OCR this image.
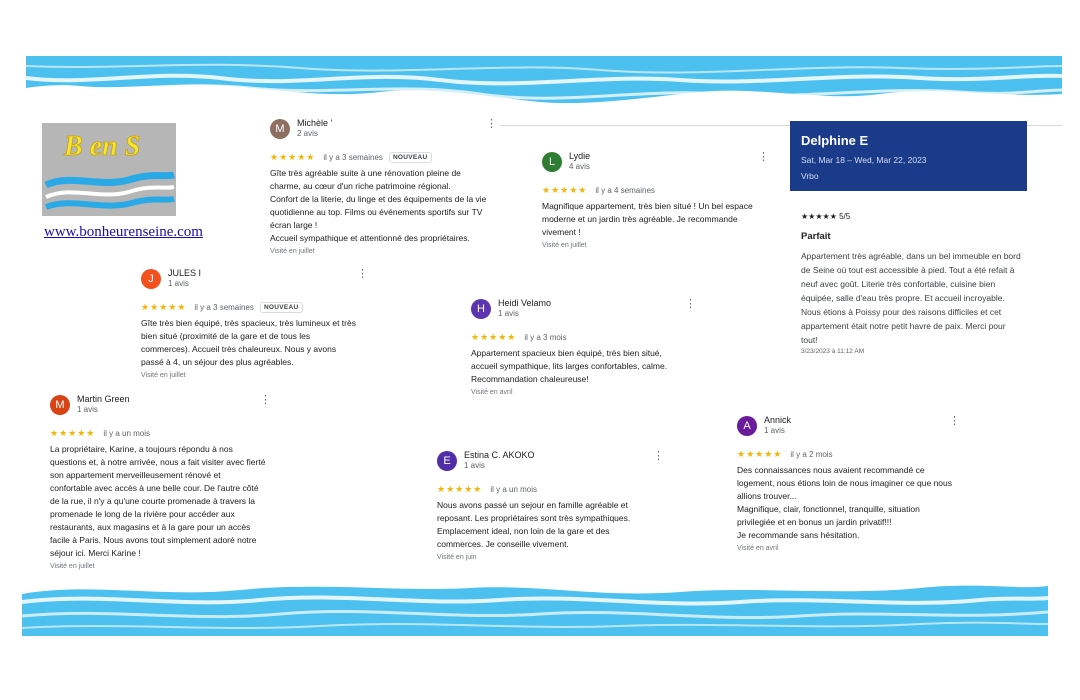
B en S
www.bonheurenseine.com
M	Michèle '
2 avis
⋮
★★★★★ il y a 3 semaines	NOUVEAU
Gîte très agréable suite à une rénovation pleine de
charme, au cœur d'un riche patrimoine régional.
Confort de la literie, du linge et des équipements de la vie
quotidienne au top. Films ou événements sportifs sur TV
écran large !
Accueil sympathique et attentionné des propriétaires.
Visité en juillet
L	Lydie
4 avis
⋮
★★★★★ il y a 4 semaines
Magnifique appartement, très bien situé ! Un bel espace
moderne et un jardin très agréable. Je recommande
vivement !
Visité en juillet
J	JULES I
1 avis
⋮
★★★★★ il y a 3 semaines	NOUVEAU
Gîte très bien équipé, très spacieux, très lumineux et très
bien situé (proximité de la gare et de tous les
commerces). Accueil très chaleureux. Nous y avons
passé à 4, un séjour des plus agréables.
Visité en juillet
H	Heidi Velamo
1 avis
⋮
★★★★★ il y a 3 mois
Appartement spacieux bien équipé, très bien situé,
accueil sympathique, lits larges confortables, calme.
Recommandation chaleureuse!
Visité en avril
M	Martin Green
1 avis
⋮
★★★★★ il y a un mois
La propriétaire, Karine, a toujours répondu à nos
questions et, à notre arrivée, nous a fait visiter avec fierté
son appartement merveilleusement rénové et
confortable avec accès à une belle cour. De l'autre côté
de la rue, il n'y a qu'une courte promenade à travers la
promenade le long de la rivière pour accéder aux
restaurants, aux magasins et à la gare pour un accès
facile à Paris. Nous avons tout simplement adoré notre
séjour ici. Merci Karine !
Visité en juillet
E	Estina C. AKOKO
1 avis
⋮
★★★★★ il y a un mois
Nous avons passé un sejour en famille agréable et
reposant. Les propriétaires sont très sympathiques.
Emplacement ideal, non loin de la gare et des
commerces. Je conseille vivement.
Visité en juin
A	Annick
1 avis
⋮
★★★★★ il y a 2 mois
Des connaissances nous avaient recommandé ce
logement, nous étions loin de nous imaginer ce que nous
allions trouver...
Magnifique, clair, fonctionnel, tranquille, situation
privilegiée et en bonus un jardin privatif!!!
Je recommande sans hésitation.
Visité en avril
Delphine E
Sat, Mar 18 – Wed, Mar 22, 2023
Vrbo
★★★★★ 5/5
Parfait
Appartement très agréable, dans un bel immeuble en bord de Seine où tout est accessible à pied. Tout a été refait à neuf avec goût. Literie très confortable, cuisine bien équipée, salle d'eau très propre. Et accueil incroyable. Nous étions à Poissy pour des raisons difficiles et cet appartement était notre petit havre de paix. Merci pour tout!
3/23/2023 à 11:12 AM
